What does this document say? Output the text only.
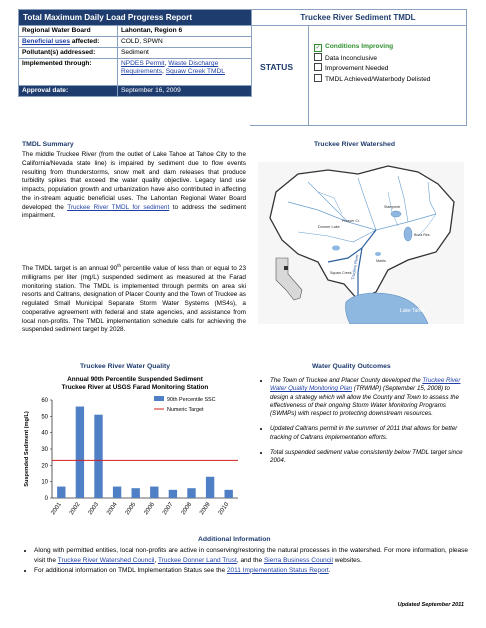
Total Maximum Daily Load Progress Report
Regional Water Board	Lahontan, Region 6
Beneficial uses affected:	COLD, SPWN
Pollutant(s) addressed:	Sediment
Implemented through:	NPDES Permit, Waste Discharge Requirements, Squaw Creek TMDL
Approval date:	September 16, 2009
Truckee River Sediment TMDL
STATUS
✓ Conditions Improving
Data Inconclusive
Improvement Needed
TMDL Achieved/Waterbody Delisted
TMDL Summary
The middle Truckee River (from the outlet of Lake Tahoe at Tahoe City to the California/Nevada state line) is impaired by sediment due to flow events resulting from thunderstorms, snow melt and dam releases that produce turbidity spikes that exceed the water quality objective. Legacy land use impacts, population growth and urbanization have also contributed in affecting the in-stream aquatic beneficial uses. The Lahontan Regional Water Board developed the Truckee River TMDL for sediment to address the sediment impairment.
The TMDL target is an annual 90th percentile value of less than or equal to 23 milligrams per liter (mg/L) suspended sediment as measured at the Farad monitoring station. The TMDL is implemented through permits on area ski resorts and Caltrans, designation of Placer County and the Town of Truckee as regulated Small Municipal Separate Storm Water Systems (MS4s), a cooperative agreement with federal and state agencies, and assistance from local non-profits. The TMDL implementation schedule calls for achieving the suspended sediment target by 2028.
Truckee River Watershed
Truckee River
Donner Lake
Lake Tahoe
Squaw Creek
Prosser Cr.
Boca Res.
Stampede
Martis
Truckee River Water Quality
Annual 90th Percentile Suspended Sediment
Truckee River at USGS Farad Monitoring Station
0
10
20
30
40
50
60
Suspended Sediment (mg/L)
2001 2002 2003 2004 2005 2006 2007 2008 2009 2010
90th Percentile SSC
Numeric Target
Water Quality Outcomes
• The Town of Truckee and Placer County developed the Truckee River Water Quality Monitoring Plan (TRWMP) (September 15, 2008) to design a strategy which will allow the County and Town to assess the effectiveness of their ongoing Storm Water Monitoring Programs (SWMPs) with respect to protecting downstream resources.
• Updated Caltrans permit in the summer of 2011 that allows for better tracking of Caltrans implementation efforts.
• Total suspended sediment value consistently below TMDL target since 2004.
Additional Information
• Along with permitted entities, local non-profits are active in conserving/restoring the natural processes in the watershed. For more information, please visit the Truckee River Watershed Council, Truckee Donner Land Trust, and the Sierra Business Council websites.
• For additional information on TMDL Implementation Status see the 2011 Implementation Status Report.
Updated September 2011
